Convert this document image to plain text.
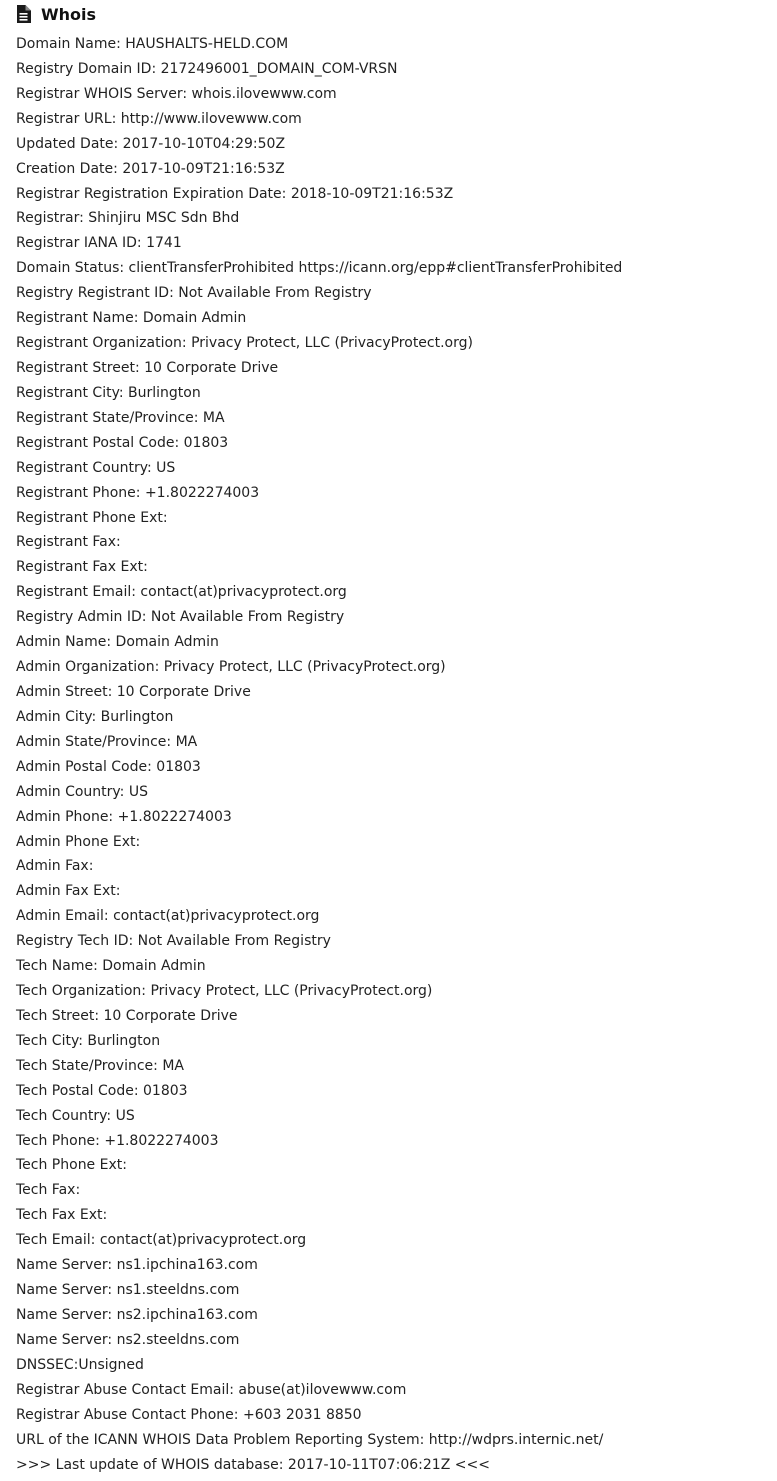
Whois
Domain Name: HAUSHALTS-HELD.COM
Registry Domain ID: 2172496001_DOMAIN_COM-VRSN
Registrar WHOIS Server: whois.ilovewww.com
Registrar URL: http://www.ilovewww.com
Updated Date: 2017-10-10T04:29:50Z
Creation Date: 2017-10-09T21:16:53Z
Registrar Registration Expiration Date: 2018-10-09T21:16:53Z
Registrar: Shinjiru MSC Sdn Bhd
Registrar IANA ID: 1741
Domain Status: clientTransferProhibited https://icann.org/epp#clientTransferProhibited
Registry Registrant ID: Not Available From Registry
Registrant Name: Domain Admin
Registrant Organization: Privacy Protect, LLC (PrivacyProtect.org)
Registrant Street: 10 Corporate Drive
Registrant City: Burlington
Registrant State/Province: MA
Registrant Postal Code: 01803
Registrant Country: US
Registrant Phone: +1.8022274003
Registrant Phone Ext:
Registrant Fax:
Registrant Fax Ext:
Registrant Email: contact(at)privacyprotect.org
Registry Admin ID: Not Available From Registry
Admin Name: Domain Admin
Admin Organization: Privacy Protect, LLC (PrivacyProtect.org)
Admin Street: 10 Corporate Drive
Admin City: Burlington
Admin State/Province: MA
Admin Postal Code: 01803
Admin Country: US
Admin Phone: +1.8022274003
Admin Phone Ext:
Admin Fax:
Admin Fax Ext:
Admin Email: contact(at)privacyprotect.org
Registry Tech ID: Not Available From Registry
Tech Name: Domain Admin
Tech Organization: Privacy Protect, LLC (PrivacyProtect.org)
Tech Street: 10 Corporate Drive
Tech City: Burlington
Tech State/Province: MA
Tech Postal Code: 01803
Tech Country: US
Tech Phone: +1.8022274003
Tech Phone Ext:
Tech Fax:
Tech Fax Ext:
Tech Email: contact(at)privacyprotect.org
Name Server: ns1.ipchina163.com
Name Server: ns1.steeldns.com
Name Server: ns2.ipchina163.com
Name Server: ns2.steeldns.com
DNSSEC:Unsigned
Registrar Abuse Contact Email: abuse(at)ilovewww.com
Registrar Abuse Contact Phone: +603 2031 8850
URL of the ICANN WHOIS Data Problem Reporting System: http://wdprs.internic.net/
>>> Last update of WHOIS database: 2017-10-11T07:06:21Z <<<
